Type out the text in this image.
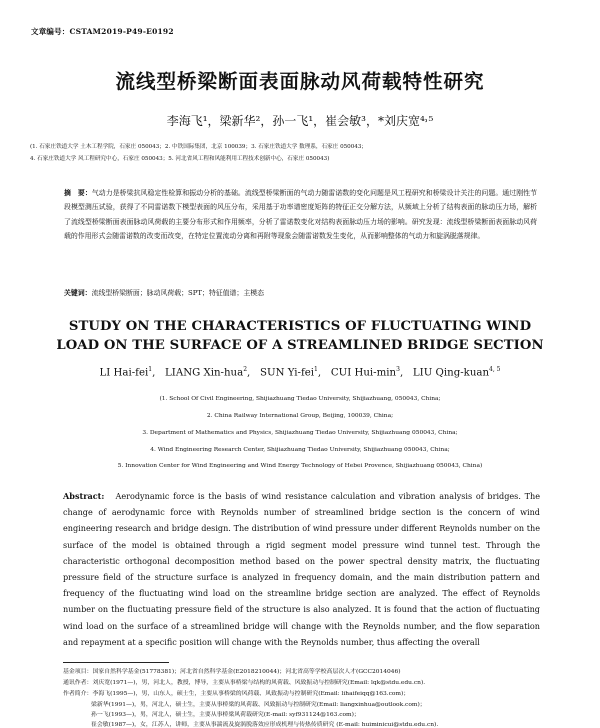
文章编号：CSTAM2019-P49-E0192
流线型桥梁断面表面脉动风荷载特性研究
李海飞¹，梁新华²，孙一飞¹，崔会敏³，*刘庆宽⁴˒⁵
(1. 石家庄铁道大学 土木工程学院，石家庄 050043；2. 中铁国际集团，北京 100039；3. 石家庄铁道大学 数理系，石家庄 050043；
4. 石家庄铁道大学 风工程研究中心，石家庄 050043；5. 河北省风工程和风能利用工程技术创新中心，石家庄 050043)
摘　要：气动力是桥梁抗风稳定性检算和振动分析的基础。流线型桥梁断面的气动力随雷诺数的变化问题是风工程研究和桥梁设计关注的问题。通过刚性节段模型测压试验，获得了不同雷诺数下模型表面的风压分布，采用基于功率谱密度矩阵的特征正交分解方法，从频域上分析了结构表面的脉动压力场，解析了流线型桥梁断面表面脉动风荷载的主要分布形式和作用频率，分析了雷诺数变化对结构表面脉动压力场的影响。研究发现：流线型桥梁断面表面脉动风荷载的作用形式会随雷诺数的改变而改变，在特定位置流动分离和再附等现象会随雷诺数发生变化，从而影响整体的气动力和旋涡脱落规律。
关键词：流线型桥梁断面；脉动风荷载；SPT；特征值谱；主模态
STUDY ON THE CHARACTERISTICS OF FLUCTUATING WIND
LOAD ON THE SURFACE OF A STREAMLINED BRIDGE SECTION
LI Hai-fei$^1$,   LIANG Xin-hua$^2$,   SUN Yi-fei$^1$,   CUI Hui-$\min^3$,   LIU Qing-kuan$^{4, 5}$
(1. School Of Civil Engineering, Shijiazhuang Tiedao University, Shijiazhuang, 050043, China;
2. China Railway International Group, Beijing, 100039, China;
3. Department of Mathematics and Physics, Shijiazhuang Tiedao University, Shijiazhuang 050043, China;
4. Wind Engineering Research Center, Shijiazhuang Tiedao University, Shijiazhuang 050043, China;
5. Innovation Center for Wind Engineering and Wind Energy Technology of Hebei Provence, Shijiazhuang 050043, China)

Abstract: Aerodynamic force is the basis of wind resistance calculation and vibration analysis of bridges. The change of aerodynamic force with Reynolds number of streamlined bridge section is the concern of wind engineering research and bridge design. The distribution of wind pressure under different Reynolds number on the surface of the model is obtained through a rigid segment model pressure wind tunnel test. Through the characteristic orthogonal decomposition method based on the power spectral density matrix, the fluctuating pressure field of the structure surface is analyzed in frequency domain, and the main distribution pattern and frequency of the fluctuating wind load on the streamline bridge section are analyzed. The effect of Reynolds number on the fluctuating pressure field of the structure is also analyzed. It is found that the action of fluctuating wind load on the surface of a streamlined bridge will change with the Reynolds number, and the flow separation and repayment at a specific position will change with the Reynolds number, thus affecting the overall

基金项目：国家自然科学基金(51778381)；河北省自然科学基金(E2018210044)；河北省高等学校高层次人才(GCC2014046)
通讯作者：刘庆宽(1971—)，男，河北人，教授，博导，主要从事桥梁与结构的风荷载、风致振动与控制研究(Email: lqk@stdu.edu.cn).
作者简介：李海飞(1995—)，男，山东人，硕士生，主要从事桥梁的风荷载、风致振动与控制研究(Email: lihaifeiqq@163.com)；
梁新华(1991—)，男，河北人，硕士生，主要从事桥梁的风荷载、风致振动与控制研究(Email: liangxinhua@outlook.com)；
孙一飞(1993—)，男，河北人，硕士生，主要从事桥梁风荷载研究(E-mail: syf931124@163.com)；
崔会敏(1987—)，女，江苏人，讲师，主要从事湍流及旋涡脱落效应形成机理与传热传质研究 (E-mail: huiminicui@stdu.edu.cn).
